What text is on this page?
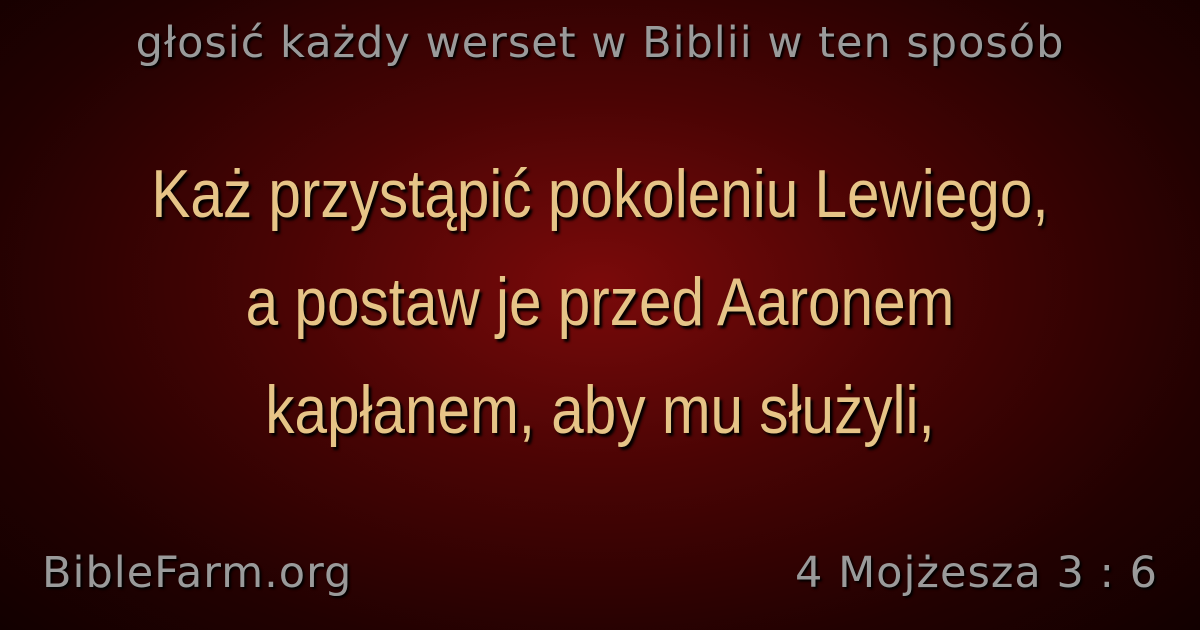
głosić każdy werset w Biblii w ten sposób
Każ przystąpić pokoleniu Lewiego,
a postaw je przed Aaronem
kapłanem, aby mu służyli,
BibleFarm.org	4 Mojżesza 3 : 6
